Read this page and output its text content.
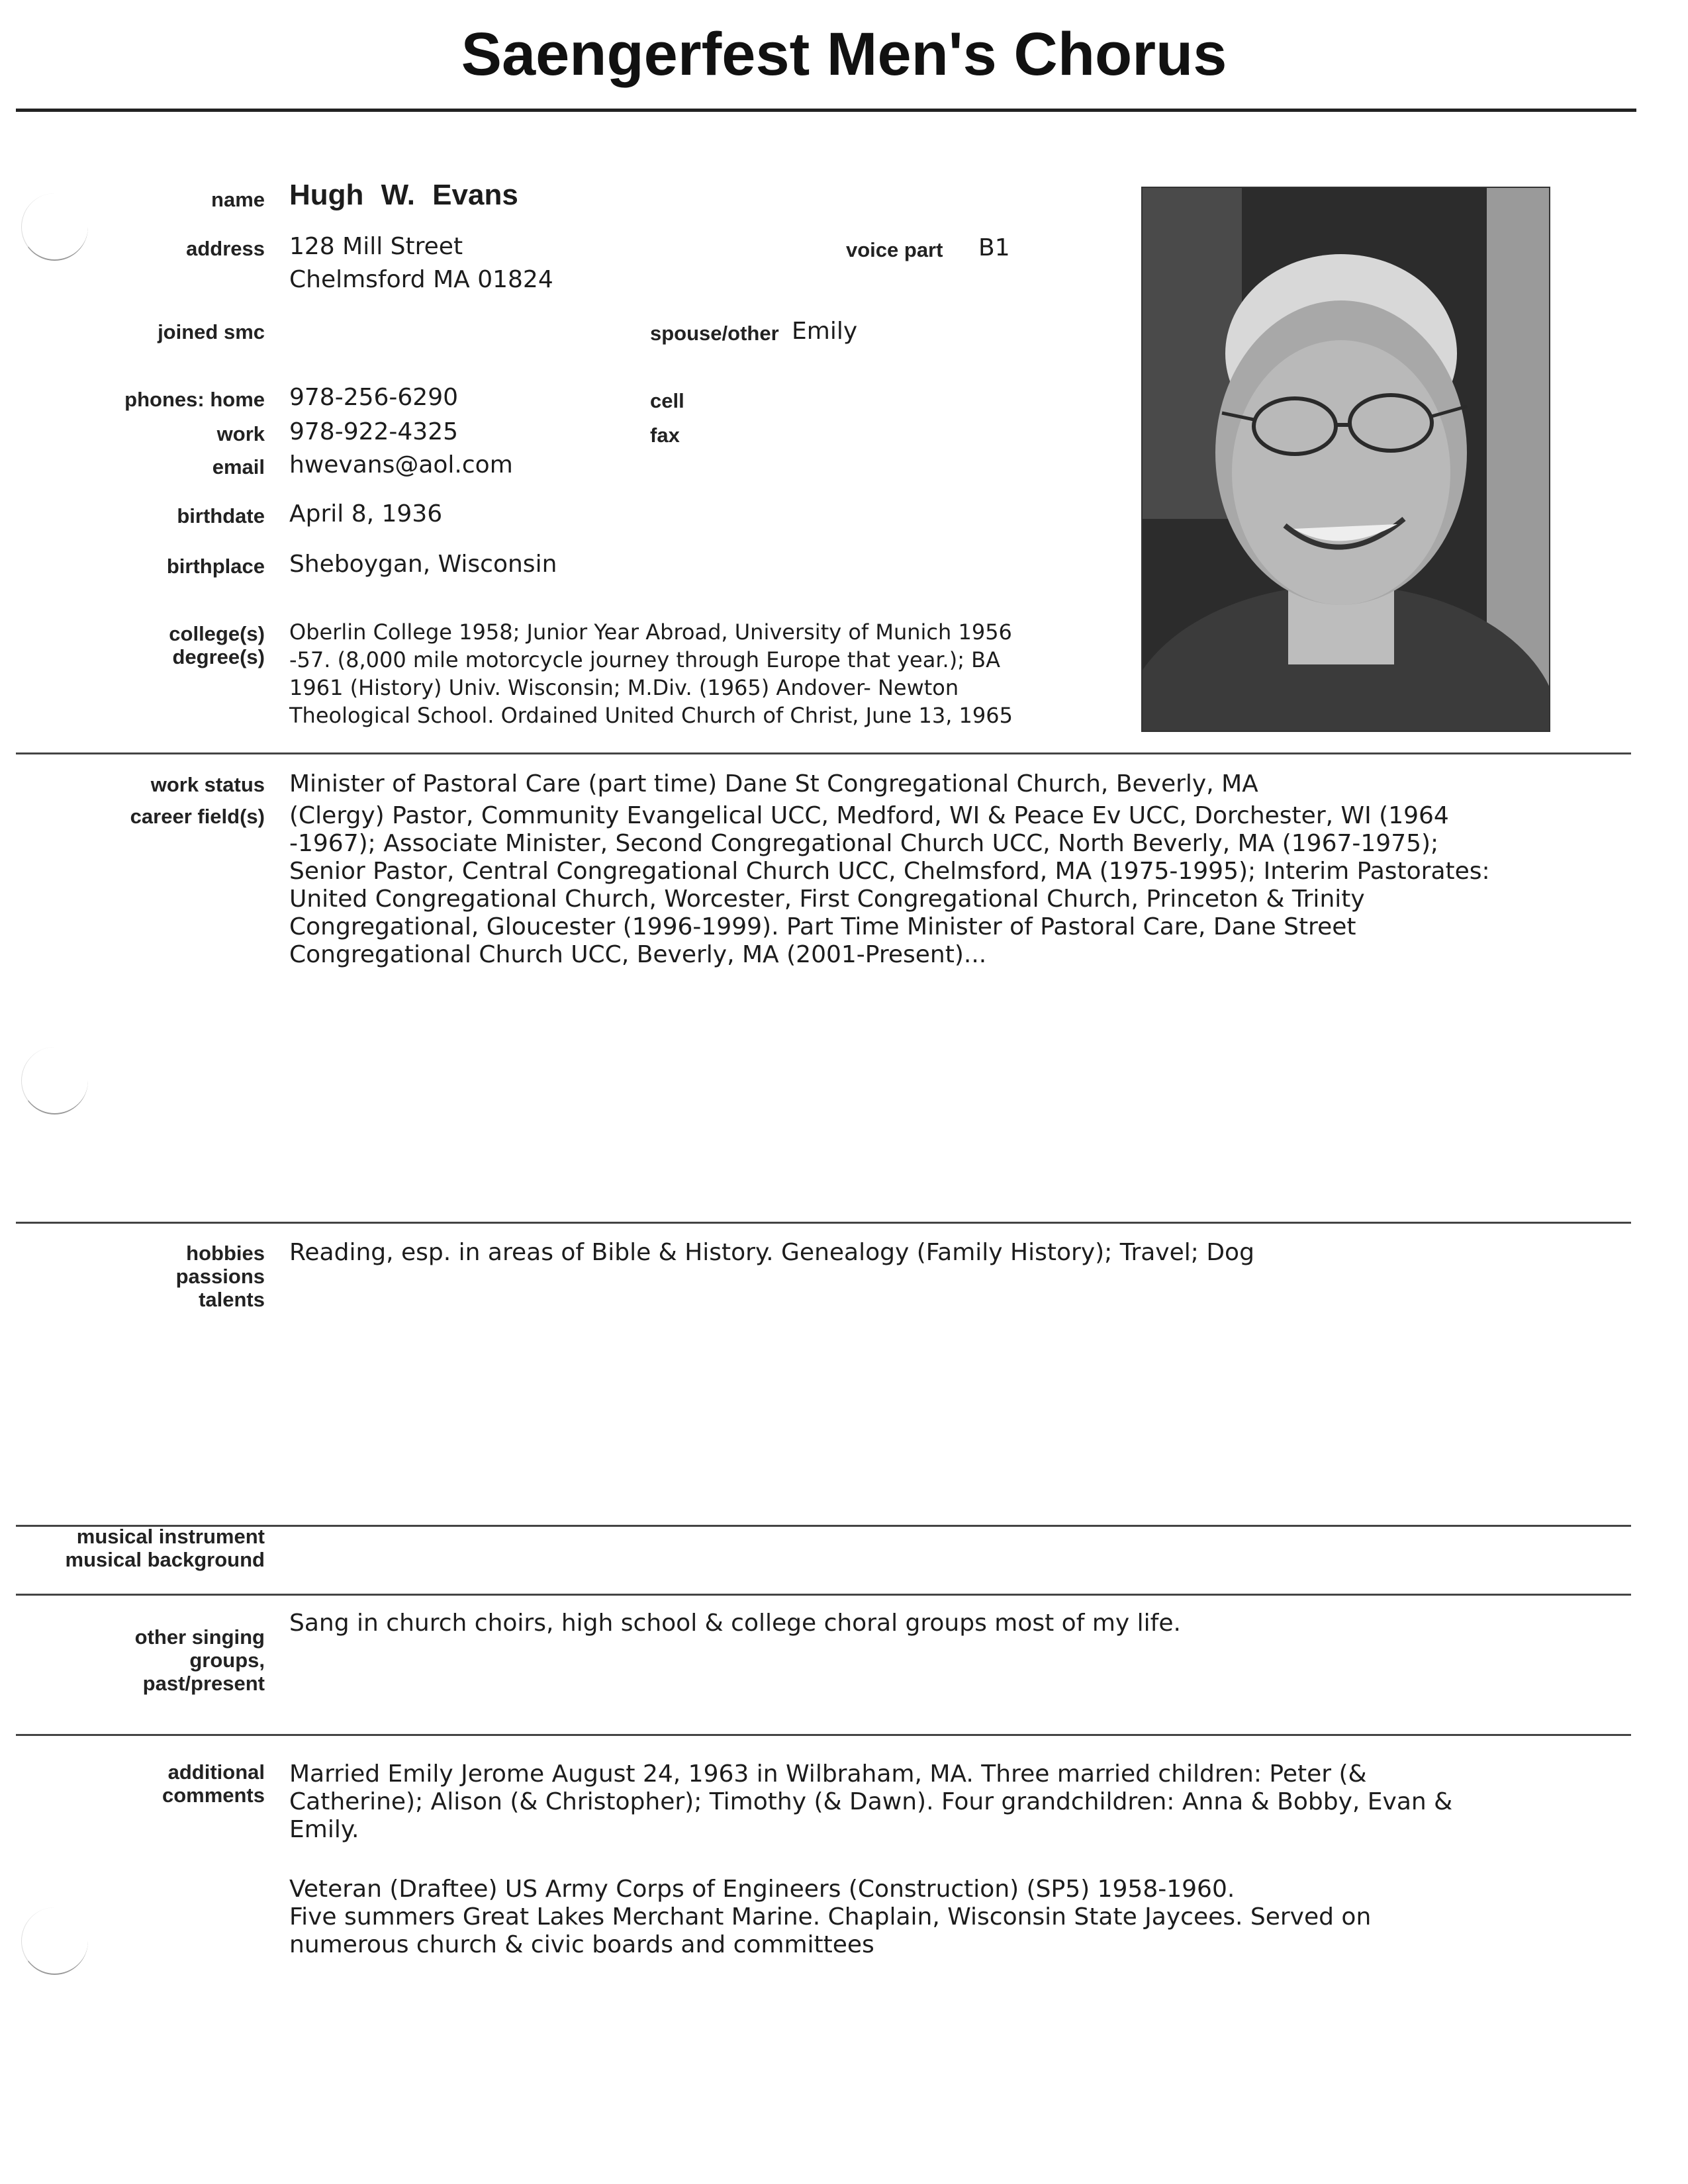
Saengerfest Men's Chorus
name Hugh W. Evans
address 128 Mill Street
Chelmsford MA 01824
voice part B1
joined smc	spouse/other Emily
phones: home 978-256-6290	cell
work 978-922-4325	fax
email hwevans@aol.com
birthdate April 8, 1936
birthplace Sheboygan, Wisconsin
college(s)
degree(s)
Oberlin College 1958; Junior Year Abroad, University of Munich 1956
-57. (8,000 mile motorcycle journey through Europe that year.); BA
1961 (History) Univ. Wisconsin; M.Div. (1965) Andover- Newton
Theological School. Ordained United Church of Christ, June 13, 1965
work status Minister of Pastoral Care (part time) Dane St Congregational Church, Beverly, MA
career field(s) (Clergy) Pastor, Community Evangelical UCC, Medford, WI & Peace Ev UCC, Dorchester, WI (1964
-1967); Associate Minister, Second Congregational Church UCC, North Beverly, MA (1967-1975);
Senior Pastor, Central Congregational Church UCC, Chelmsford, MA (1975-1995); Interim Pastorates:
United Congregational Church, Worcester, First Congregational Church, Princeton & Trinity
Congregational, Gloucester (1996-1999). Part Time Minister of Pastoral Care, Dane Street
Congregational Church UCC, Beverly, MA (2001-Present)...
hobbies
passions
talents
Reading, esp. in areas of Bible & History. Genealogy (Family History); Travel; Dog
musical instrument
musical background
other singing
groups,
past/present
Sang in church choirs, high school & college choral groups most of my life.
additional
comments
Married Emily Jerome August 24, 1963 in Wilbraham, MA. Three married children: Peter (&
Catherine); Alison (& Christopher); Timothy (& Dawn). Four grandchildren: Anna & Bobby, Evan &
Emily.
Veteran (Draftee) US Army Corps of Engineers (Construction) (SP5) 1958-1960.
Five summers Great Lakes Merchant Marine. Chaplain, Wisconsin State Jaycees. Served on
numerous church & civic boards and committees
